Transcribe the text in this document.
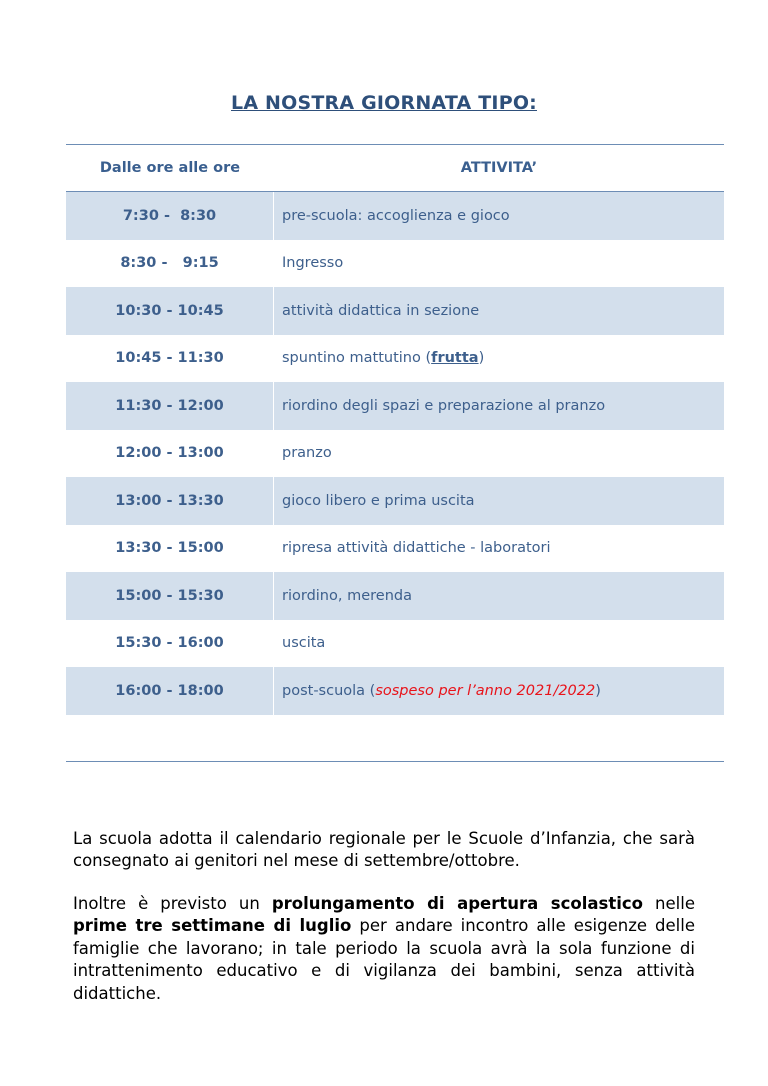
LA NOSTRA GIORNATA TIPO:
Dalle ore alle ore	ATTIVITA’
7:30 -  8:30	pre-scuola: accoglienza e gioco
8:30 -   9:15	Ingresso
10:30 - 10:45	attività didattica in sezione
10:45 - 11:30	spuntino mattutino (frutta)
11:30 - 12:00	riordino degli spazi e preparazione al pranzo
12:00 - 13:00	pranzo
13:00 - 13:30	gioco libero e prima uscita
13:30 - 15:00	ripresa attività didattiche - laboratori
15:00 - 15:30	riordino, merenda
15:30 - 16:00	uscita
16:00 - 18:00	post-scuola (sospeso per l’anno 2021/2022)
La scuola adotta il calendario regionale per le Scuole d’Infanzia, che sarà consegnato ai genitori nel mese di settembre/ottobre.
Inoltre è previsto un prolungamento di apertura scolastico nelle prime tre settimane di luglio per andare incontro alle esigenze delle famiglie che lavorano; in tale periodo la scuola avrà la sola funzione di intrattenimento educativo e di vigilanza dei bambini, senza attività didattiche.
